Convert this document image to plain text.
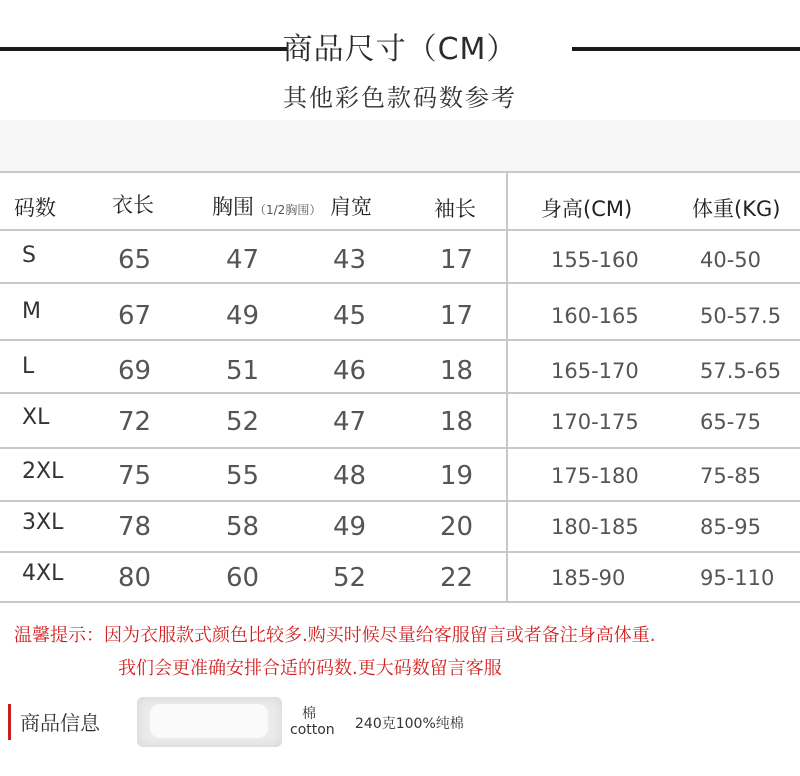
商品尺寸（CM）
其他彩色款码数参考
码数	衣长	胸围（1/2胸围） 肩宽	袖长	身高(CM)	体重(KG)
S	65	47	43	17	155-160	40-50
M	67	49	45	17	160-165	50-57.5
L	69	51	46	18	165-170	57.5-65
XL	72	52	47	18	170-175	65-75
2XL 75	55	48	19	175-180	75-85
3XL 78	58	49	20	180-185	85-95
4XL 80	60	52	22	185-90	95-110
温馨提示：因为衣服款式颜色比较多.购买时候尽量给客服留言或者备注身高体重.
我们会更准确安排合适的码数.更大码数留言客服
商品信息	棉
cotton 240克100%纯棉
